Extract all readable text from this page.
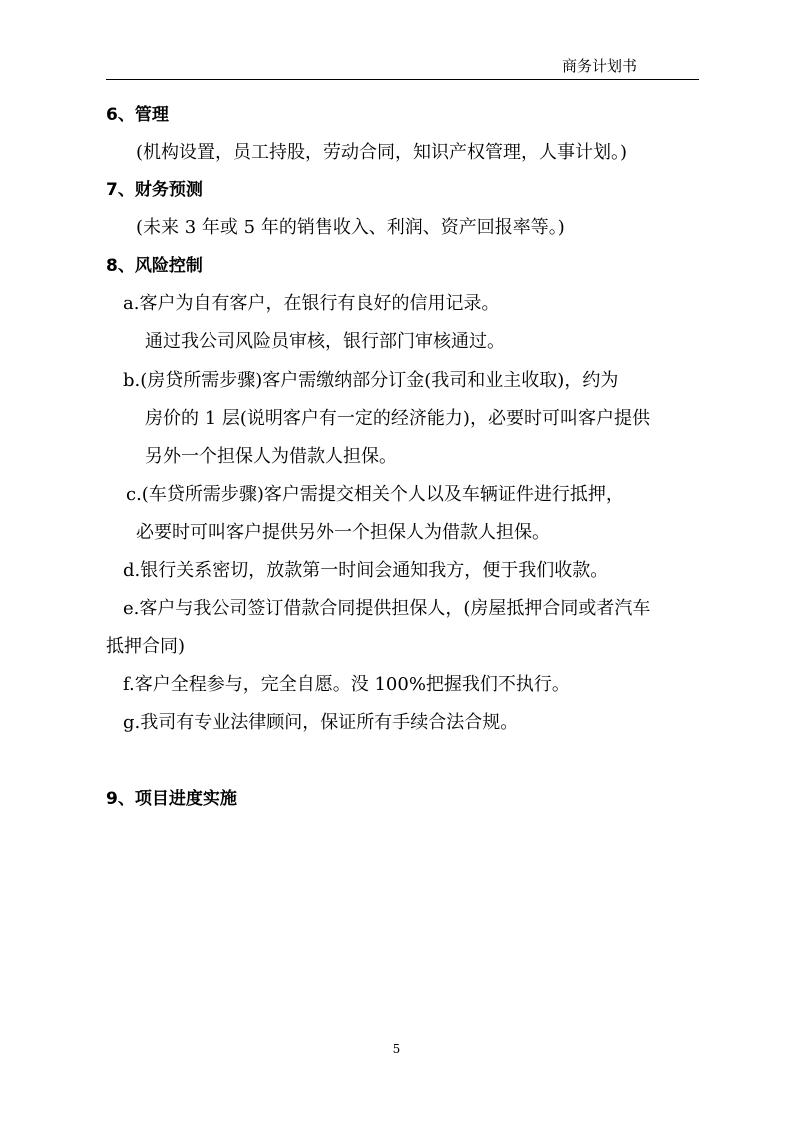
商务计划书
6、管理
(机构设置，员工持股，劳动合同，知识产权管理，人事计划。)
7、财务预测
(未来 3 年或 5 年的销售收入、利润、资产回报率等。)
8、风险控制
a.客户为自有客户，在银行有良好的信用记录。
通过我公司风险员审核，银行部门审核通过。
b.(房贷所需步骤)客户需缴纳部分订金(我司和业主收取)，约为
房价的 1 层(说明客户有一定的经济能力)，必要时可叫客户提供
另外一个担保人为借款人担保。
c.(车贷所需步骤)客户需提交相关个人以及车辆证件进行抵押，
必要时可叫客户提供另外一个担保人为借款人担保。
d.银行关系密切，放款第一时间会通知我方，便于我们收款。
e.客户与我公司签订借款合同提供担保人，(房屋抵押合同或者汽车
抵押合同)
f.客户全程参与，完全自愿。没 100%把握我们不执行。
g.我司有专业法律顾问，保证所有手续合法合规。
9、项目进度实施
5
